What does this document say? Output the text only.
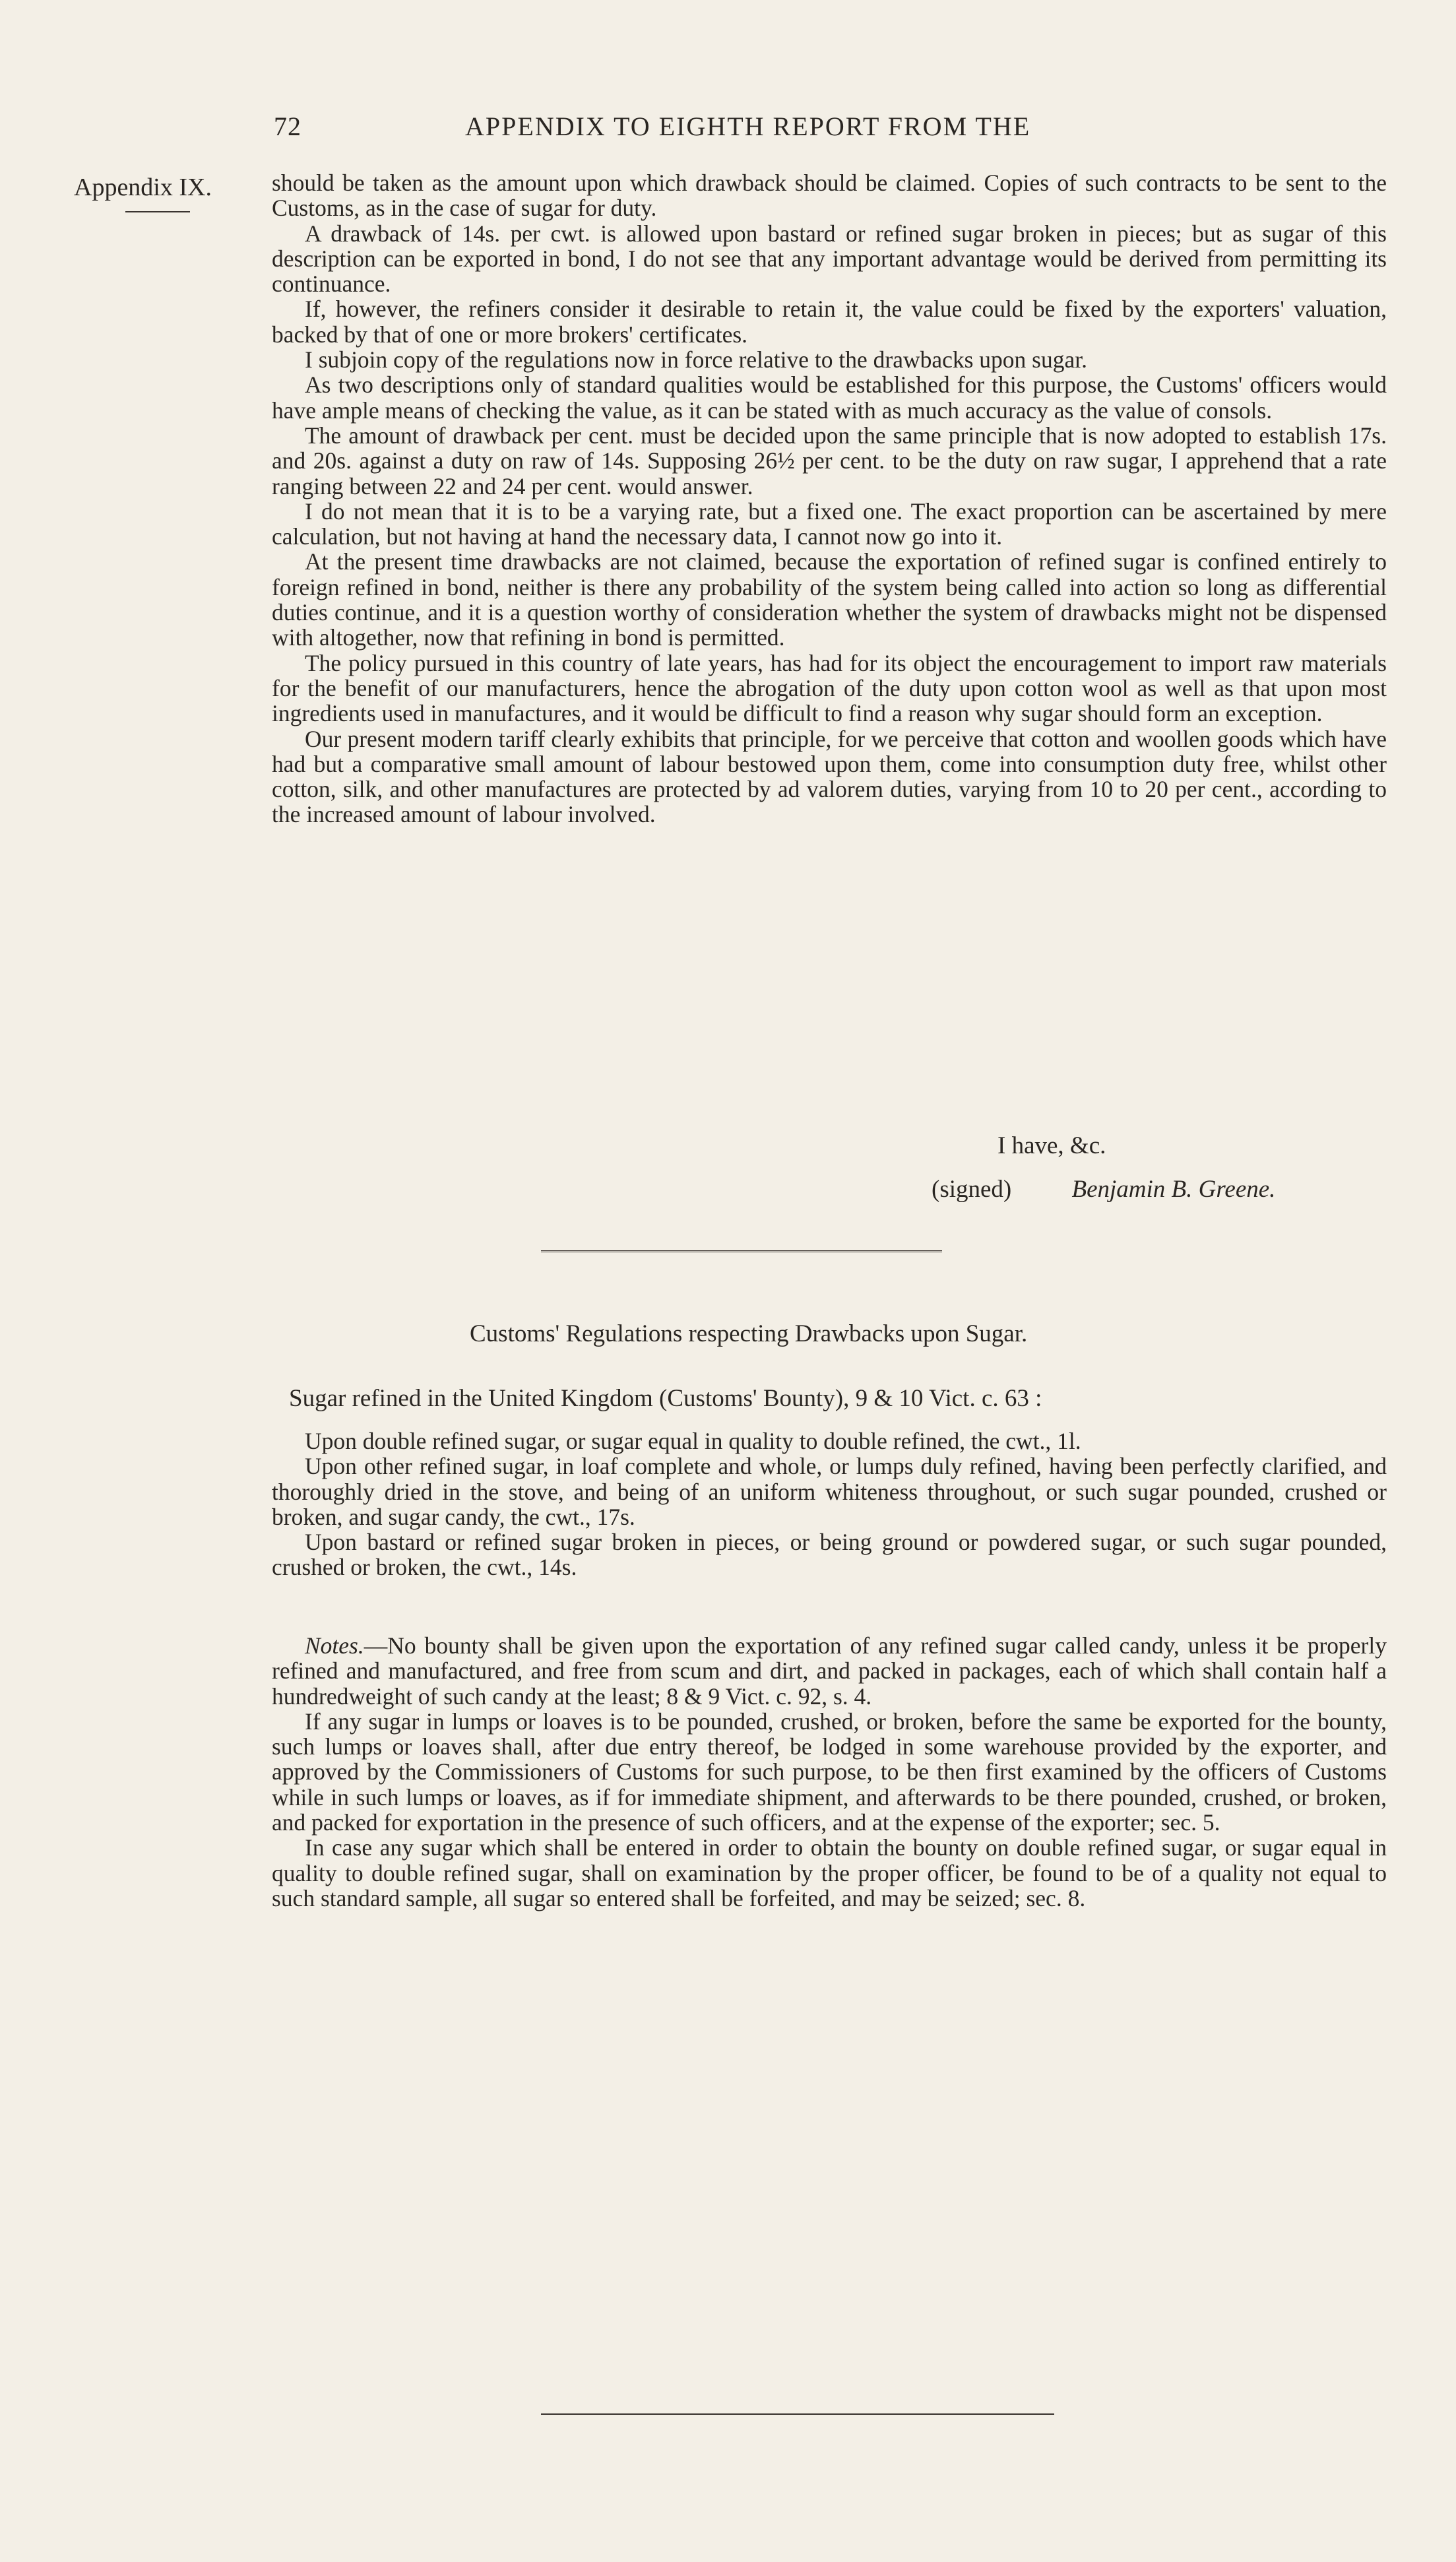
72	APPENDIX TO EIGHTH REPORT FROM THE
Appendix IX.	should be taken as the amount upon which drawback should be claimed. Copies of such contracts to be sent to the Customs, as in the case of sugar for duty.

A drawback of 14s. per cwt. is allowed upon bastard or refined sugar broken in pieces; but as sugar of this description can be exported in bond, I do not see that any important advantage would be derived from permitting its continuance.

If, however, the refiners consider it desirable to retain it, the value could be fixed by the exporters' valuation, backed by that of one or more brokers' certificates.

I subjoin copy of the regulations now in force relative to the drawbacks upon sugar.

As two descriptions only of standard qualities would be established for this purpose, the Customs' officers would have ample means of checking the value, as it can be stated with as much accuracy as the value of consols.

The amount of drawback per cent. must be decided upon the same principle that is now adopted to establish 17s. and 20s. against a duty on raw of 14s. Supposing 26½ per cent. to be the duty on raw sugar, I apprehend that a rate ranging between 22 and 24 per cent. would answer.

I do not mean that it is to be a varying rate, but a fixed one. The exact proportion can be ascertained by mere calculation, but not having at hand the necessary data, I cannot now go into it.

At the present time drawbacks are not claimed, because the exportation of refined sugar is confined entirely to foreign refined in bond, neither is there any probability of the system being called into action so long as differential duties continue, and it is a question worthy of consideration whether the system of drawbacks might not be dispensed with altogether, now that refining in bond is permitted.

The policy pursued in this country of late years, has had for its object the encouragement to import raw materials for the benefit of our manufacturers, hence the abrogation of the duty upon cotton wool as well as that upon most ingredients used in manufactures, and it would be difficult to find a reason why sugar should form an exception.

Our present modern tariff clearly exhibits that principle, for we perceive that cotton and woollen goods which have had but a comparative small amount of labour bestowed upon them, come into consumption duty free, whilst other cotton, silk, and other manufactures are protected by ad valorem duties, varying from 10 to 20 per cent., according to the increased amount of labour involved.

I have, &c.
(signed) Benjamin B. Greene.
Customs' Regulations respecting Drawbacks upon Sugar.
Sugar refined in the United Kingdom (Customs' Bounty), 9 & 10 Vict. c. 63 :

Upon double refined sugar, or sugar equal in quality to double refined, the cwt., 1l.

Upon other refined sugar, in loaf complete and whole, or lumps duly refined, having been perfectly clarified, and thoroughly dried in the stove, and being of an uniform whiteness throughout, or such sugar pounded, crushed or broken, and sugar candy, the cwt., 17s.

Upon bastard or refined sugar broken in pieces, or being ground or powdered sugar, or such sugar pounded, crushed or broken, the cwt., 14s.

Notes.—No bounty shall be given upon the exportation of any refined sugar called candy, unless it be properly refined and manufactured, and free from scum and dirt, and packed in packages, each of which shall contain half a hundredweight of such candy at the least; 8 & 9 Vict. c. 92, s. 4.

If any sugar in lumps or loaves is to be pounded, crushed, or broken, before the same be exported for the bounty, such lumps or loaves shall, after due entry thereof, be lodged in some warehouse provided by the exporter, and approved by the Commissioners of Customs for such purpose, to be then first examined by the officers of Customs while in such lumps or loaves, as if for immediate shipment, and afterwards to be there pounded, crushed, or broken, and packed for exportation in the presence of such officers, and at the expense of the exporter; sec. 5.

In case any sugar which shall be entered in order to obtain the bounty on double refined sugar, or sugar equal in quality to double refined sugar, shall on examination by the proper officer, be found to be of a quality not equal to such standard sample, all sugar so entered shall be forfeited, and may be seized; sec. 8.
